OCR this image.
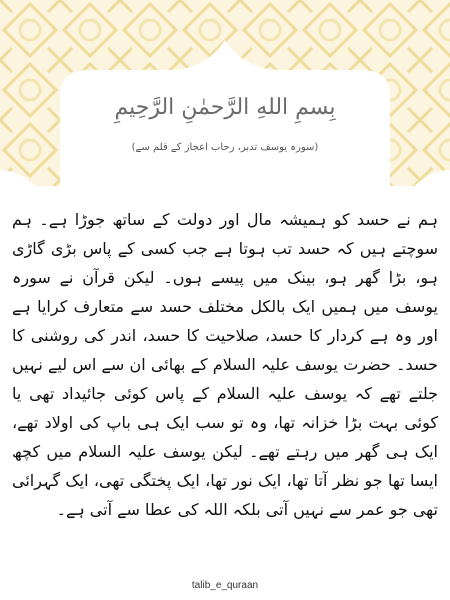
بِسمِ اللهِ الرَّحمٰنِ الرَّحِیمِ
(سورہ یوسف تدبر، رحاب اعجاز کے قلم سے)

ہم نے حسد کو ہمیشہ مال اور دولت کے ساتھ جوڑا ہے۔ ہم سوچتے ہیں کہ حسد تب ہوتا ہے جب کسی کے پاس بڑی گاڑی ہو، بڑا گھر ہو، بینک میں پیسے ہوں۔ لیکن قرآن نے سورہ یوسف میں ہمیں ایک بالکل مختلف حسد سے متعارف کرایا ہے اور وہ ہے کردار کا حسد، صلاحیت کا حسد، اندر کی روشنی کا حسد۔ حضرت یوسف علیہ السلام کے بھائی ان سے اس لیے نہیں جلتے تھے کہ یوسف علیہ السلام کے پاس کوئی جائیداد تھی یا کوئی بہت بڑا خزانہ تھا، وہ تو سب ایک ہی باپ کی اولاد تھے، ایک ہی گھر میں رہتے تھے۔ لیکن یوسف علیہ السلام میں کچھ ایسا تھا جو نظر آتا تھا، ایک نور تھا، ایک پختگی تھی، ایک گہرائی تھی جو عمر سے نہیں آتی بلکہ اللہ کی عطا سے آتی ہے۔

talib_e_quraan
